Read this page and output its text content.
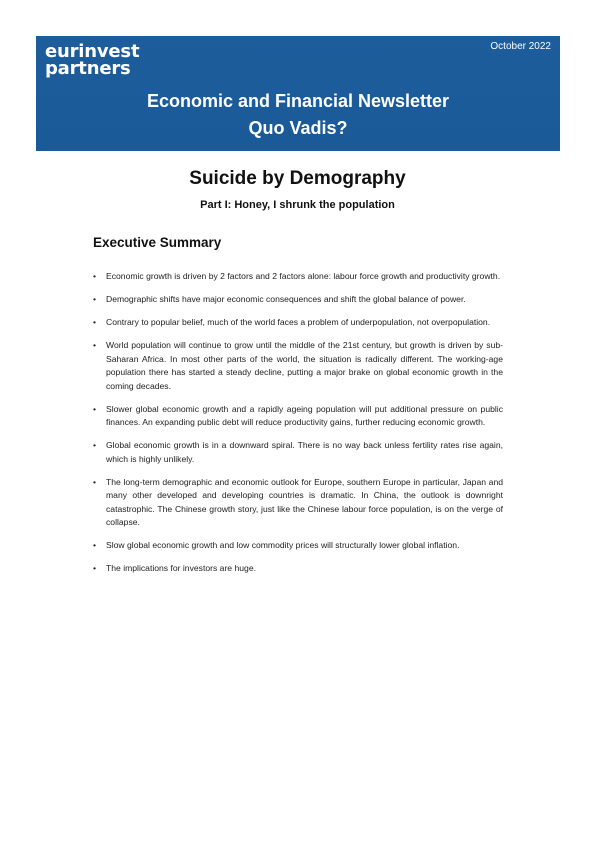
eurinvest
partners
October 2022
Economic and Financial Newsletter
Quo Vadis?
Suicide by Demography
Part I: Honey, I shrunk the population
Executive Summary
• Economic growth is driven by 2 factors and 2 factors alone: labour force growth and productivity growth.
• Demographic shifts have major economic consequences and shift the global balance of power.
• Contrary to popular belief, much of the world faces a problem of underpopulation, not overpopulation.
• World population will continue to grow until the middle of the 21st century, but growth is driven by sub-Saharan Africa. In most other parts of the world, the situation is radically different. The working-age population there has started a steady decline, putting a major brake on global economic growth in the coming decades.
• Slower global economic growth and a rapidly ageing population will put additional pressure on public finances. An expanding public debt will reduce productivity gains, further reducing economic growth.
• Global economic growth is in a downward spiral. There is no way back unless fertility rates rise again, which is highly unlikely.
• The long-term demographic and economic outlook for Europe, southern Europe in particular, Japan and many other developed and developing countries is dramatic. In China, the outlook is downright catastrophic. The Chinese growth story, just like the Chinese labour force population, is on the verge of collapse.
• Slow global economic growth and low commodity prices will structurally lower global inflation.
• The implications for investors are huge.
